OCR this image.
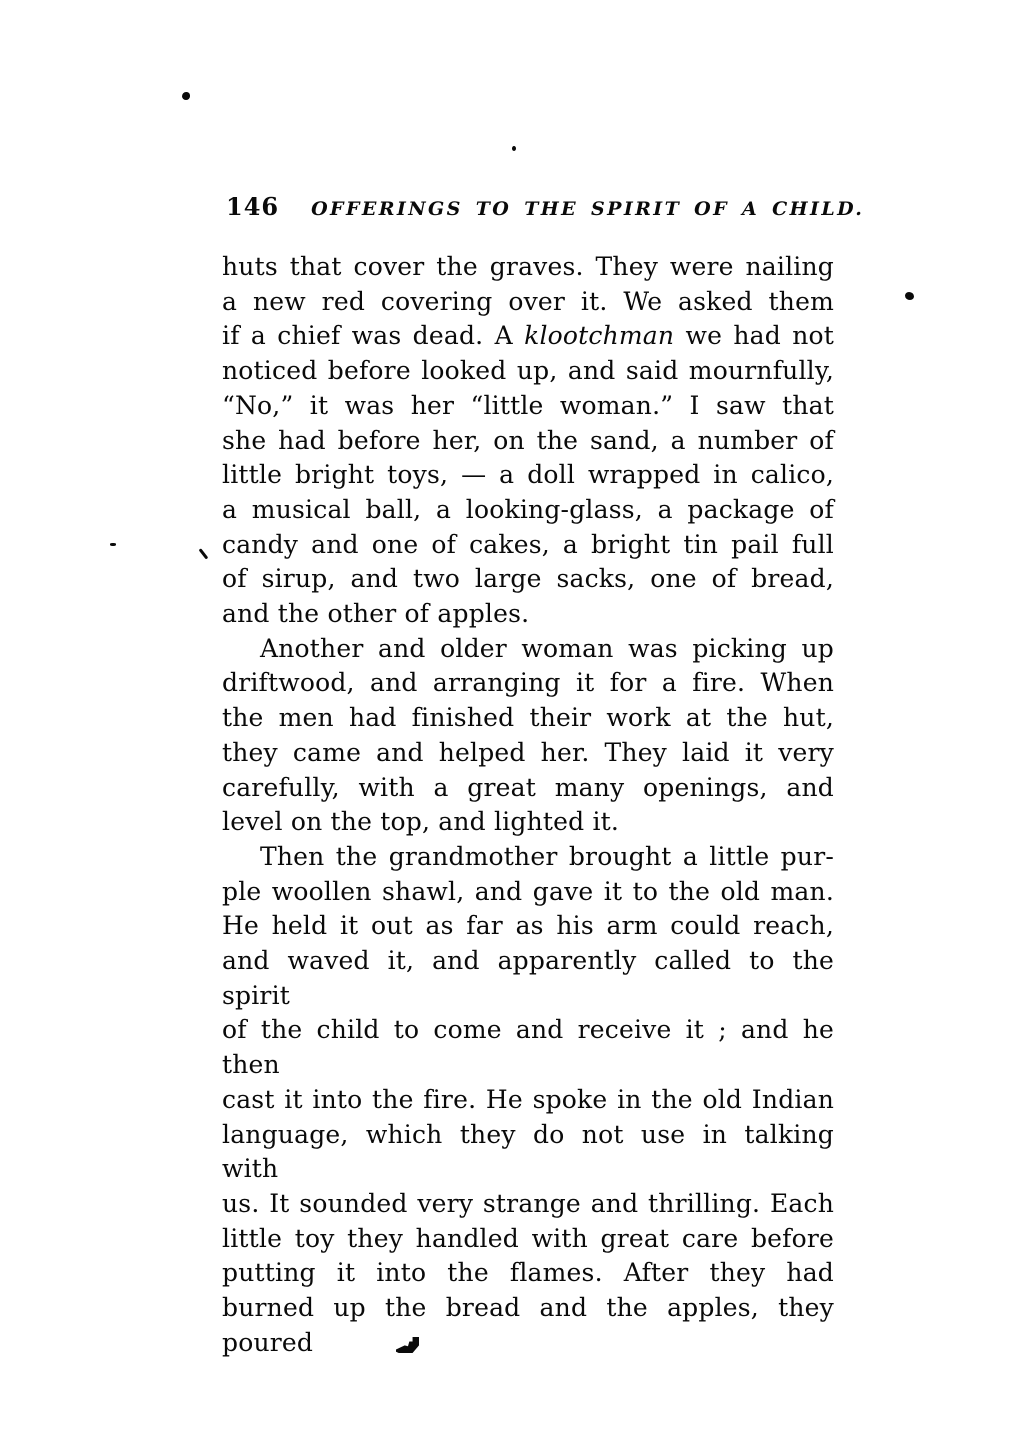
146 OFFERINGS TO THE SPIRIT OF A CHILD.
huts that cover the graves. They were nailing
a new red covering over it. We asked them
if a chief was dead. A klootchman we had not
noticed before looked up, and said mournfully,
“No,” it was her “little woman.” I saw that
she had before her, on the sand, a number of
little bright toys, — a doll wrapped in calico,
a musical ball, a looking-glass, a package of
candy and one of cakes, a bright tin pail full
of sirup, and two large sacks, one of bread,
and the other of apples.
Another and older woman was picking up
driftwood, and arranging it for a fire. When
the men had finished their work at the hut,
they came and helped her. They laid it very
carefully, with a great many openings, and
level on the top, and lighted it.
Then the grandmother brought a little pur-
ple woollen shawl, and gave it to the old man.
He held it out as far as his arm could reach,
and waved it, and apparently called to the spirit
of the child to come and receive it ; and he then
cast it into the fire. He spoke in the old Indian
language, which they do not use in talking with
us. It sounded very strange and thrilling. Each
little toy they handled with great care before
putting it into the flames. After they had
burned up the bread and the apples, they poured
